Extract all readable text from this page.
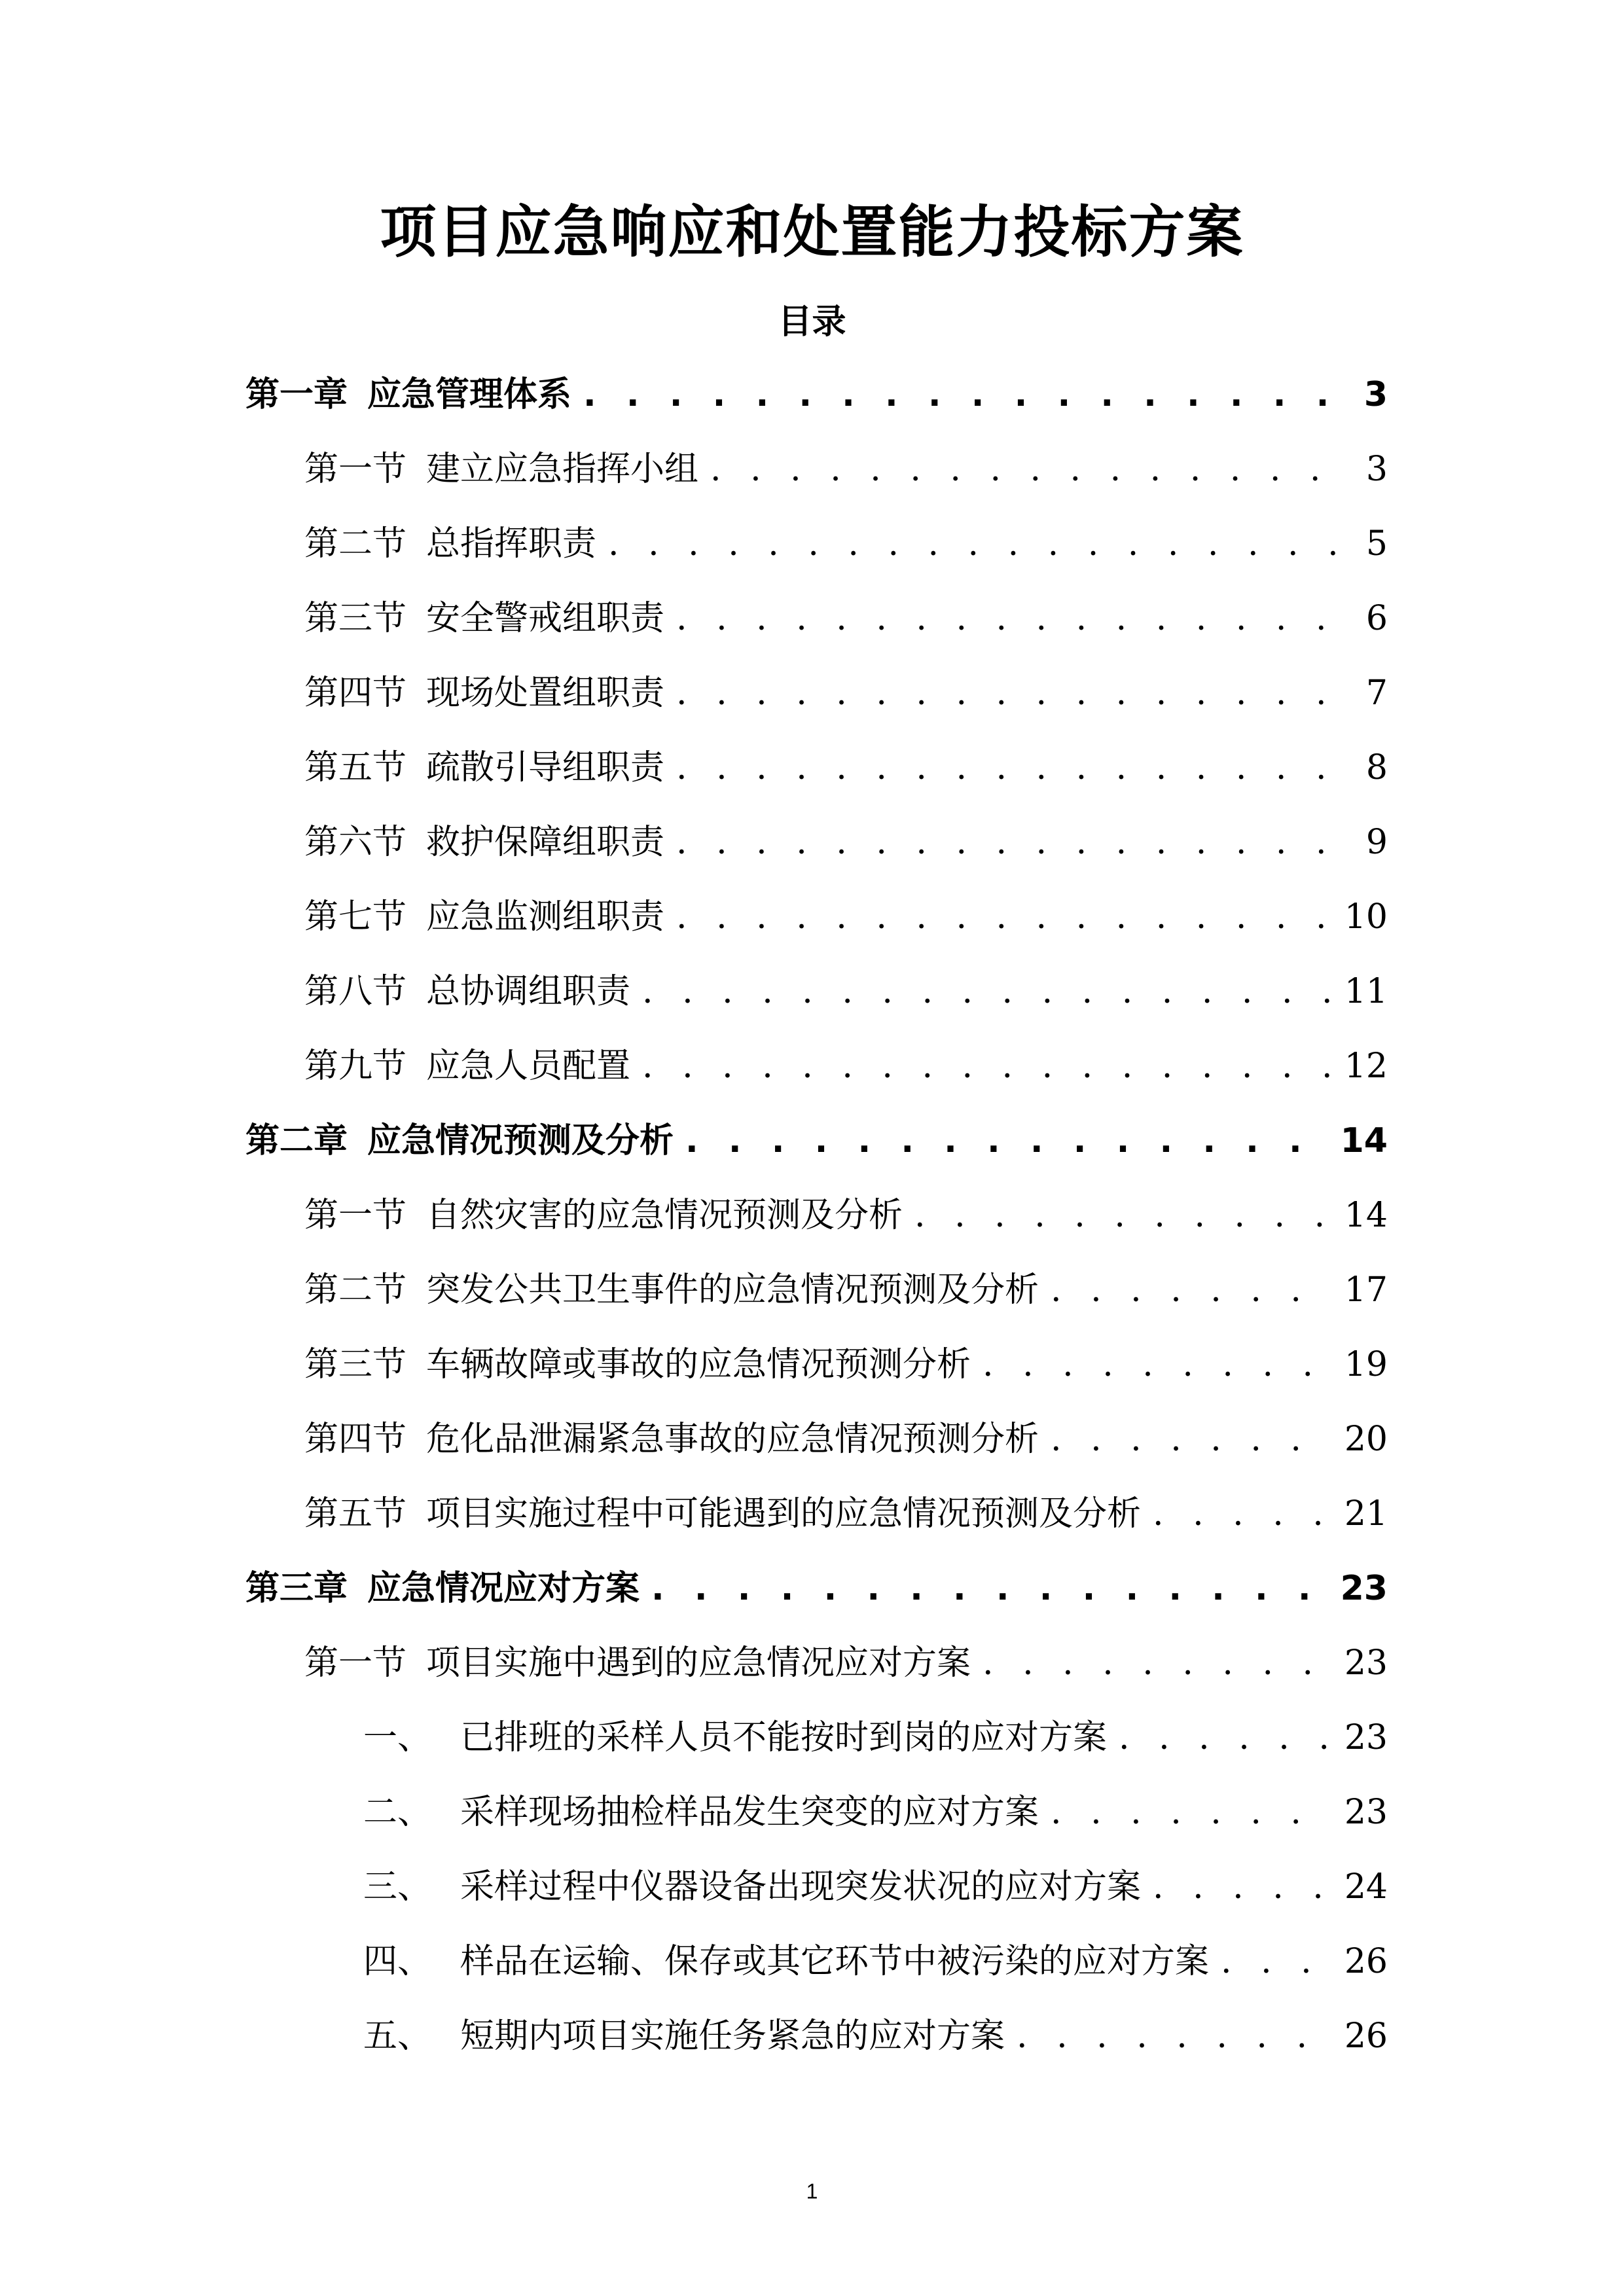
项目应急响应和处置能力投标方案
目录
第一章 应急管理体系 . . .	3
第一节 建立应急指挥小组 . . .	3
第二节 总指挥职责 . . .	5
第三节 安全警戒组职责 . . .	6
第四节 现场处置组职责 . . .	7
第五节 疏散引导组职责 . . .	8
第六节 救护保障组职责 . . .	9
第七节 应急监测组职责 . . .	10
第八节 总协调组职责 . . .	11
第九节 应急人员配置 . . .	12
第二章 应急情况预测及分析 . . .	14
第一节 自然灾害的应急情况预测及分析 . . .	14
第二节 突发公共卫生事件的应急情况预测及分析 . . .	17
第三节 车辆故障或事故的应急情况预测分析 . . .	19
第四节 危化品泄漏紧急事故的应急情况预测分析 . . .	20
第五节 项目实施过程中可能遇到的应急情况预测及分析 . . .	21
第三章 应急情况应对方案 . . .	23
第一节 项目实施中遇到的应急情况应对方案 . . .	23
一、 已排班的采样人员不能按时到岗的应对方案 . . .	23
二、 采样现场抽检样品发生突变的应对方案 . . .	23
三、 采样过程中仪器设备出现突发状况的应对方案 . . .	24
四、 样品在运输、保存或其它环节中被污染的应对方案 . . .	26
五、 短期内项目实施任务紧急的应对方案 . . .	26
1
